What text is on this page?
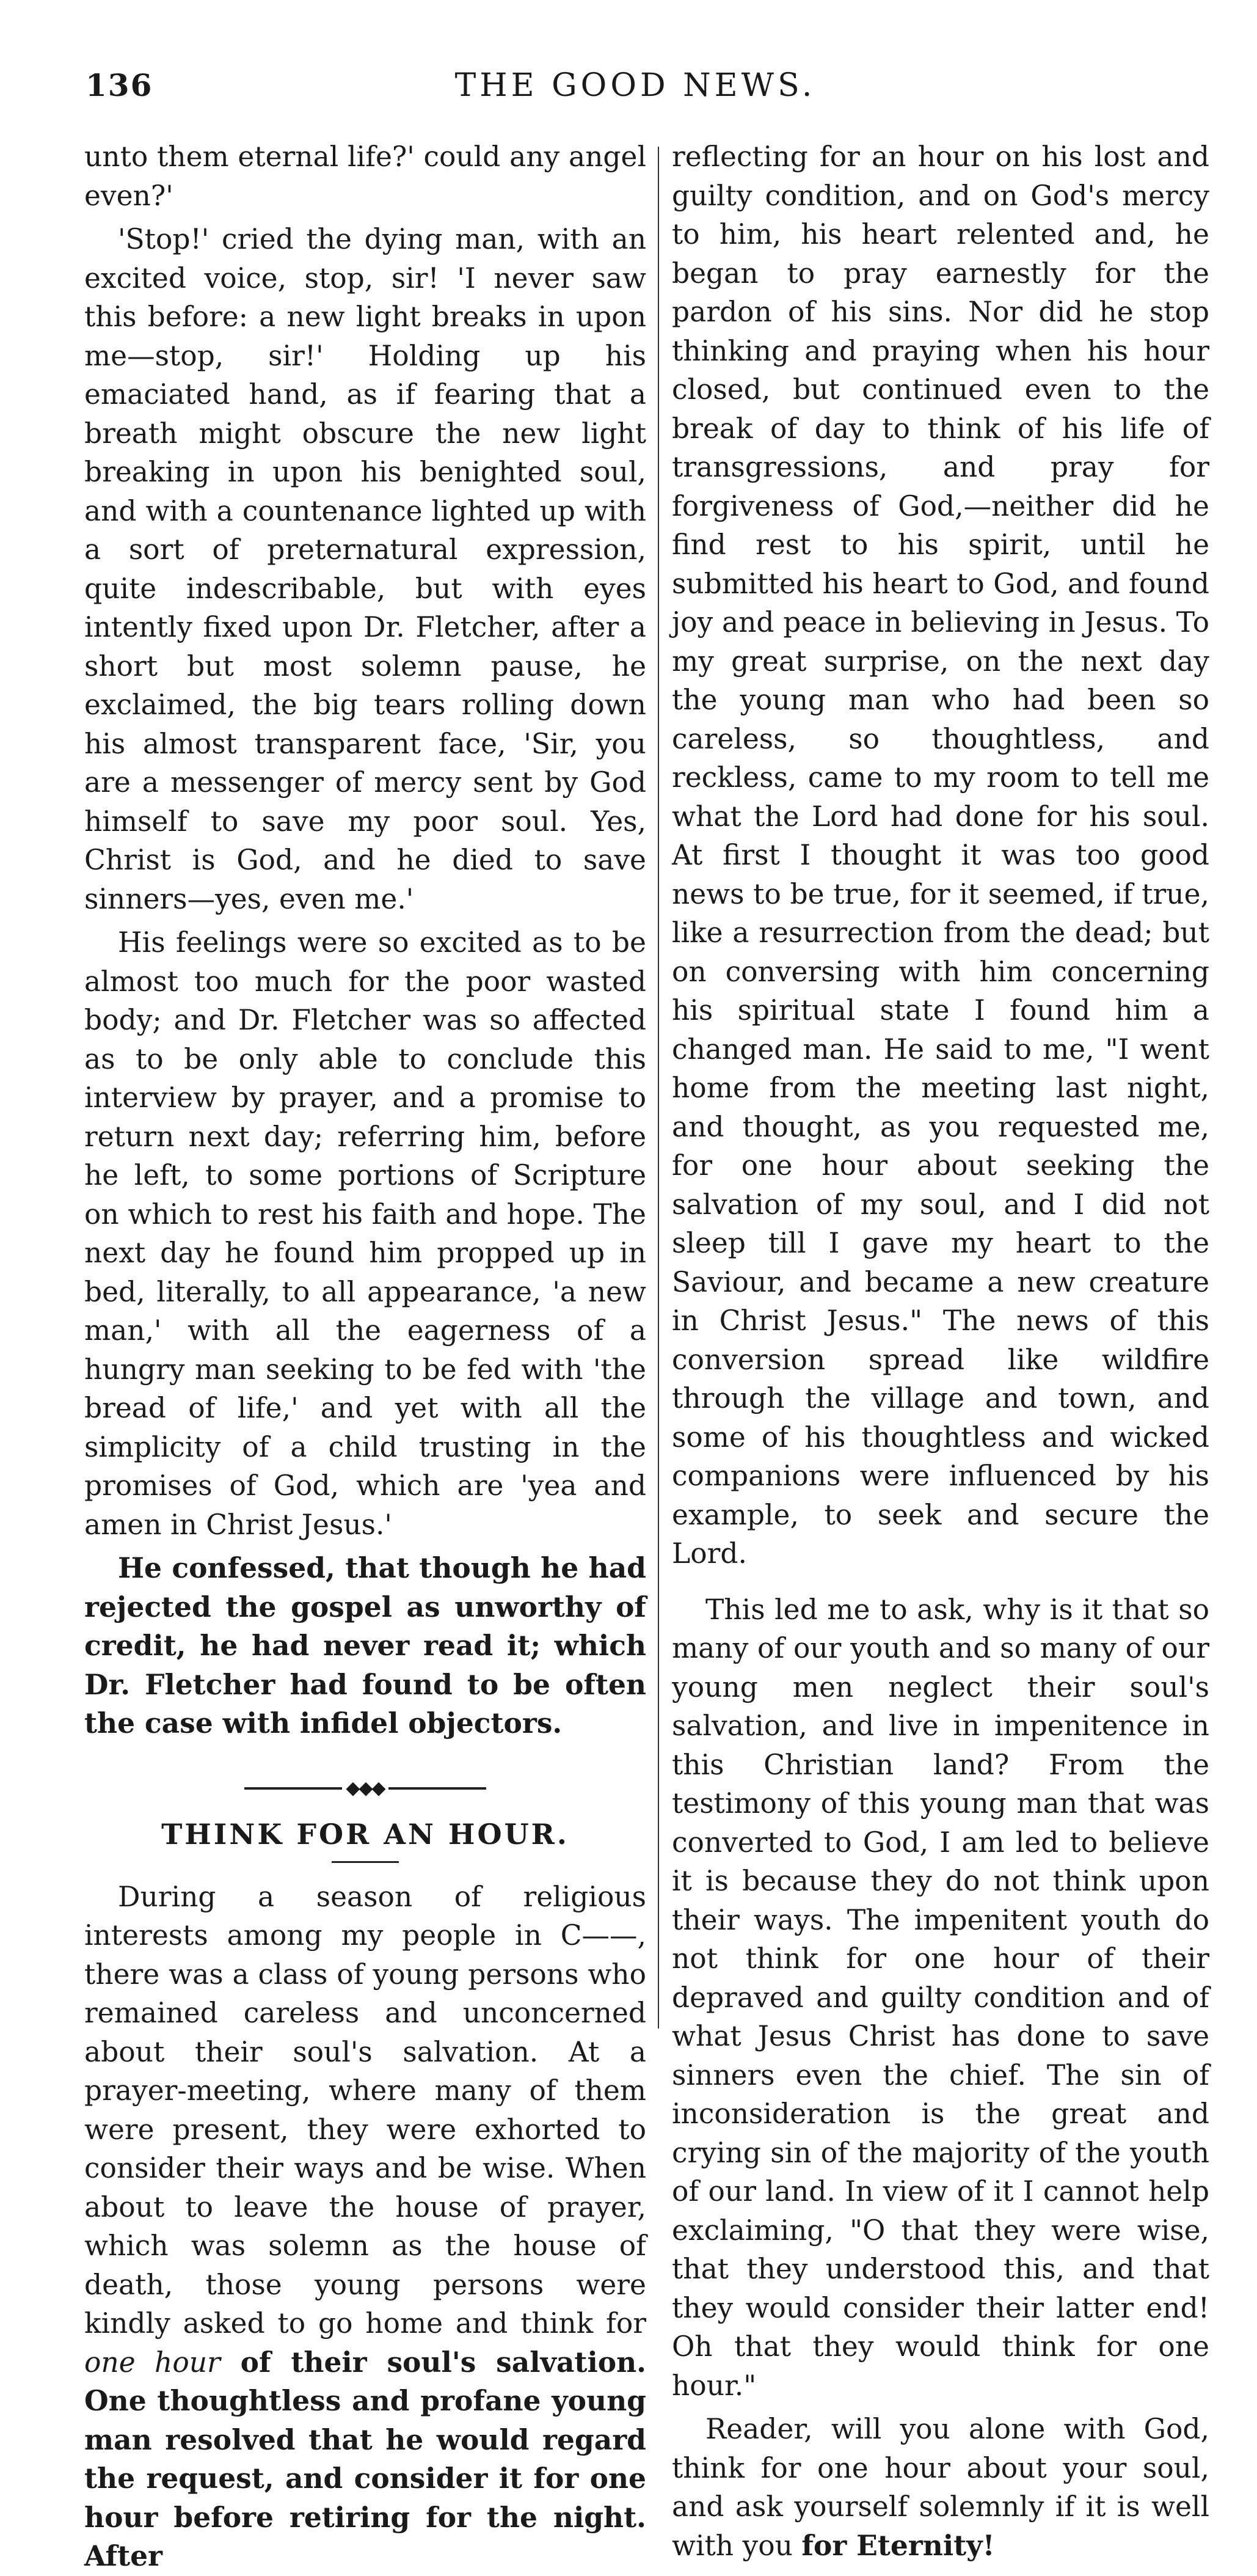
136	THE GOOD NEWS.

unto them eternal life?' could any angel even?'

'Stop!' cried the dying man, with an excited voice, stop, sir! 'I never saw this before: a new light breaks in upon me—stop, sir!' Holding up his emaciated hand, as if fearing that a breath might obscure the new light breaking in upon his benighted soul, and with a countenance lighted up with a sort of preternatural expression, quite indescribable, but with eyes intently fixed upon Dr. Fletcher, after a short but most solemn pause, he exclaimed, the big tears rolling down his almost transparent face, 'Sir, you are a messenger of mercy sent by God himself to save my poor soul. Yes, Christ is God, and he died to save sinners—yes, even me.'

His feelings were so excited as to be almost too much for the poor wasted body; and Dr. Fletcher was so affected as to be only able to conclude this interview by prayer, and a promise to return next day; referring him, before he left, to some portions of Scripture on which to rest his faith and hope. The next day he found him propped up in bed, literally, to all appearance, 'a new man,' with all the eagerness of a hungry man seeking to be fed with 'the bread of life,' and yet with all the simplicity of a child trusting in the promises of God, which are 'yea and amen in Christ Jesus.'

He confessed, that though he had rejected the gospel as unworthy of credit, he had never read it; which Dr. Fletcher had found to be often the case with infidel objectors.

◆◆◆
THINK FOR AN HOUR.

During a season of religious interests among my people in C——, there was a class of young persons who remained careless and unconcerned about their soul's salvation. At a prayer-meeting, where many of them were present, they were exhorted to consider their ways and be wise. When about to leave the house of prayer, which was solemn as the house of death, those young persons were kindly asked to go home and think for one hour of their soul's salvation. One thoughtless and profane young man resolved that he would regard the request, and consider it for one hour before retiring for the night. After

reflecting for an hour on his lost and guilty condition, and on God's mercy to him, his heart relented and, he began to pray earnestly for the pardon of his sins. Nor did he stop thinking and praying when his hour closed, but continued even to the break of day to think of his life of transgressions, and pray for forgiveness of God,—neither did he find rest to his spirit, until he submitted his heart to God, and found joy and peace in believing in Jesus. To my great surprise, on the next day the young man who had been so careless, so thoughtless, and reckless, came to my room to tell me what the Lord had done for his soul. At first I thought it was too good news to be true, for it seemed, if true, like a resurrection from the dead; but on conversing with him concerning his spiritual state I found him a changed man. He said to me, "I went home from the meeting last night, and thought, as you requested me, for one hour about seeking the salvation of my soul, and I did not sleep till I gave my heart to the Saviour, and became a new creature in Christ Jesus." The news of this conversion spread like wildfire through the village and town, and some of his thoughtless and wicked companions were influenced by his example, to seek and secure the Lord.

This led me to ask, why is it that so many of our youth and so many of our young men neglect their soul's salvation, and live in impenitence in this Christian land? From the testimony of this young man that was converted to God, I am led to believe it is because they do not think upon their ways. The impenitent youth do not think for one hour of their depraved and guilty condition and of what Jesus Christ has done to save sinners even the chief. The sin of inconsideration is the great and crying sin of the majority of the youth of our land. In view of it I cannot help exclaiming, "O that they were wise, that they understood this, and that they would consider their latter end! Oh that they would think for one hour."

Reader, will you alone with God, think for one hour about your soul, and ask yourself solemnly if it is well with you for Eternity!
